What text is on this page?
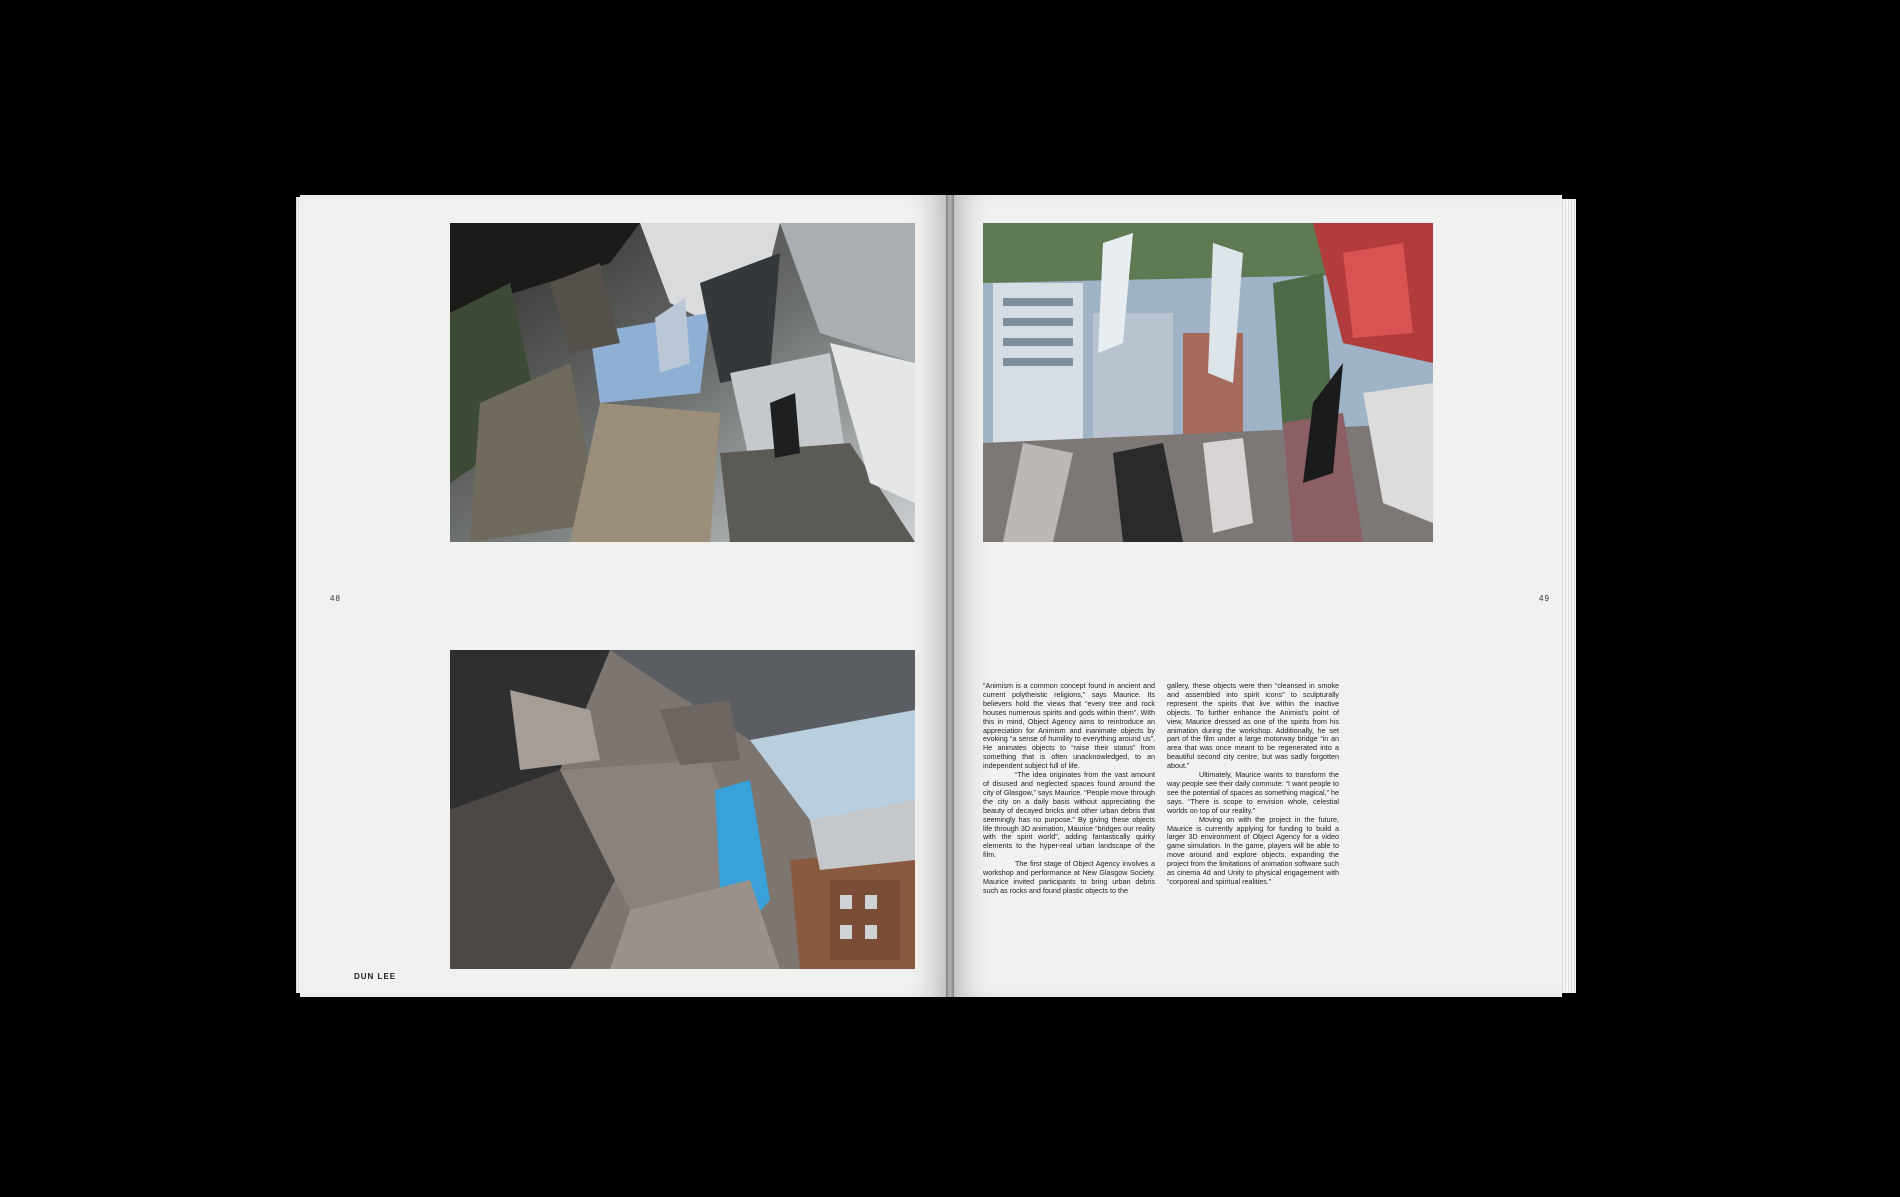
48	49
DUN LEE

“Animism is a common concept found in ancient and current polytheistic religions,” says Maurice. Its believers hold the views that “every tree and rock houses numerous spirits and gods within them”. With this in mind, Object Agency aims to reintroduce an appreciation for Animism and inanimate objects by evoking “a sense of humility to everything around us”. He animates objects to “raise their status” from something that is often unacknowledged, to an independent subject full of life.

“The idea originates from the vast amount of disused and neglected spaces found around the city of Glasgow,” says Maurice. “People move through the city on a daily basis without appreciating the beauty of decayed bricks and other urban debris that seemingly has no purpose.” By giving these objects life through 3D animation, Maurice “bridges our reality with the spirit world”, adding fantastically quirky elements to the hyper-real urban landscape of the film.

The first stage of Object Agency involves a workshop and performance at New Glasgow Society. Maurice invited participants to bring urban debris such as rocks and found plastic objects to the

gallery, these objects were then “cleansed in smoke and assembled into spirit icons” to sculpturally represent the spirits that live within the inactive objects. To further enhance the Animist’s point of view, Maurice dressed as one of the spirits from his animation during the workshop. Additionally, he set part of the film under a large motorway bridge “in an area that was once meant to be regenerated into a beautiful second city centre, but was sadly forgotten about.”

Ultimately, Maurice wants to transform the way people see their daily commute: “I want people to see the potential of spaces as something magical,” he says. “There is scope to envision whole, celestial worlds on top of our reality.”

Moving on with the project in the future, Maurice is currently applying for funding to build a larger 3D environment of Object Agency for a video game simulation. In the game, players will be able to move around and explore objects, expanding the project from the limitations of animation software such as cinema 4d and Unity to physical engagement with “corporeal and spiritual realities.”
